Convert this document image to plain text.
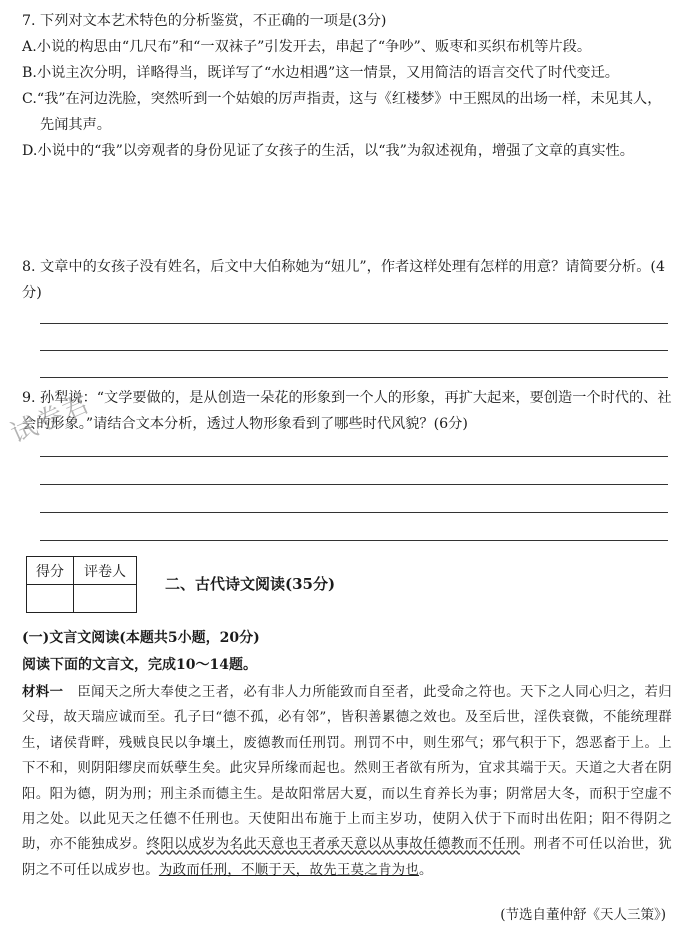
7. 下列对文本艺术特色的分析鉴赏，不正确的一项是(3分)

A.小说的构思由“几尺布”和“一双袜子”引发开去，串起了“争吵”、贩枣和买织布机等片段。

B.小说主次分明，详略得当，既详写了“水边相遇”这一情景，又用简洁的语言交代了时代变迁。

C.“我”在河边洗脸，突然听到一个姑娘的厉声指责，这与《红楼梦》中王熙凤的出场一样，未见其人，先闻其声。

D.小说中的“我”以旁观者的身份见证了女孩子的生活，以“我”为叙述视角，增强了文章的真实性。

8. 文章中的女孩子没有姓名，后文中大伯称她为“妞儿”，作者这样处理有怎样的用意？请简要分析。(4分)

9. 孙犁说：“文学要做的，是从创造一朵花的形象到一个人的形象，再扩大起来，要创造一个时代的、社会的形象。”请结合文本分析，透过人物形象看到了哪些时代风貌？(6分)

试卷君
得分	评卷人

二、古代诗文阅读(35分)
(一)文言文阅读(本题共5小题，20分)
阅读下面的文言文，完成10～14题。
材料一　臣闻天之所大奉使之王者，必有非人力所能致而自至者，此受命之符也。天下之人同心归之，若归父母，故天瑞应诚而至。孔子曰“德不孤，必有邻”，皆积善累德之效也。及至后世，淫佚衰微，不能统理群生，诸侯背畔，残贼良民以争壤土，废德教而任刑罚。刑罚不中，则生邪气；邪气积于下，怨恶畜于上。上下不和，则阴阳缪戾而妖孽生矣。此灾异所缘而起也。然则王者欲有所为，宜求其端于天。天道之大者在阴阳。阳为德，阴为刑；刑主杀而德主生。是故阳常居大夏，而以生育养长为事；阴常居大冬，而积于空虚不用之处。以此见天之任德不任刑也。天使阳出布施于上而主岁功，使阴入伏于下而时出佐阳；阳不得阴之助，亦不能独成岁。终阳以成岁为名此天意也王者承天意以从事故任德教而不任刑。刑者不可任以治世，犹阴之不可任以成岁也。为政而任刑，不顺于天，故先王莫之肯为也。
(节选自董仲舒《天人三策》)
